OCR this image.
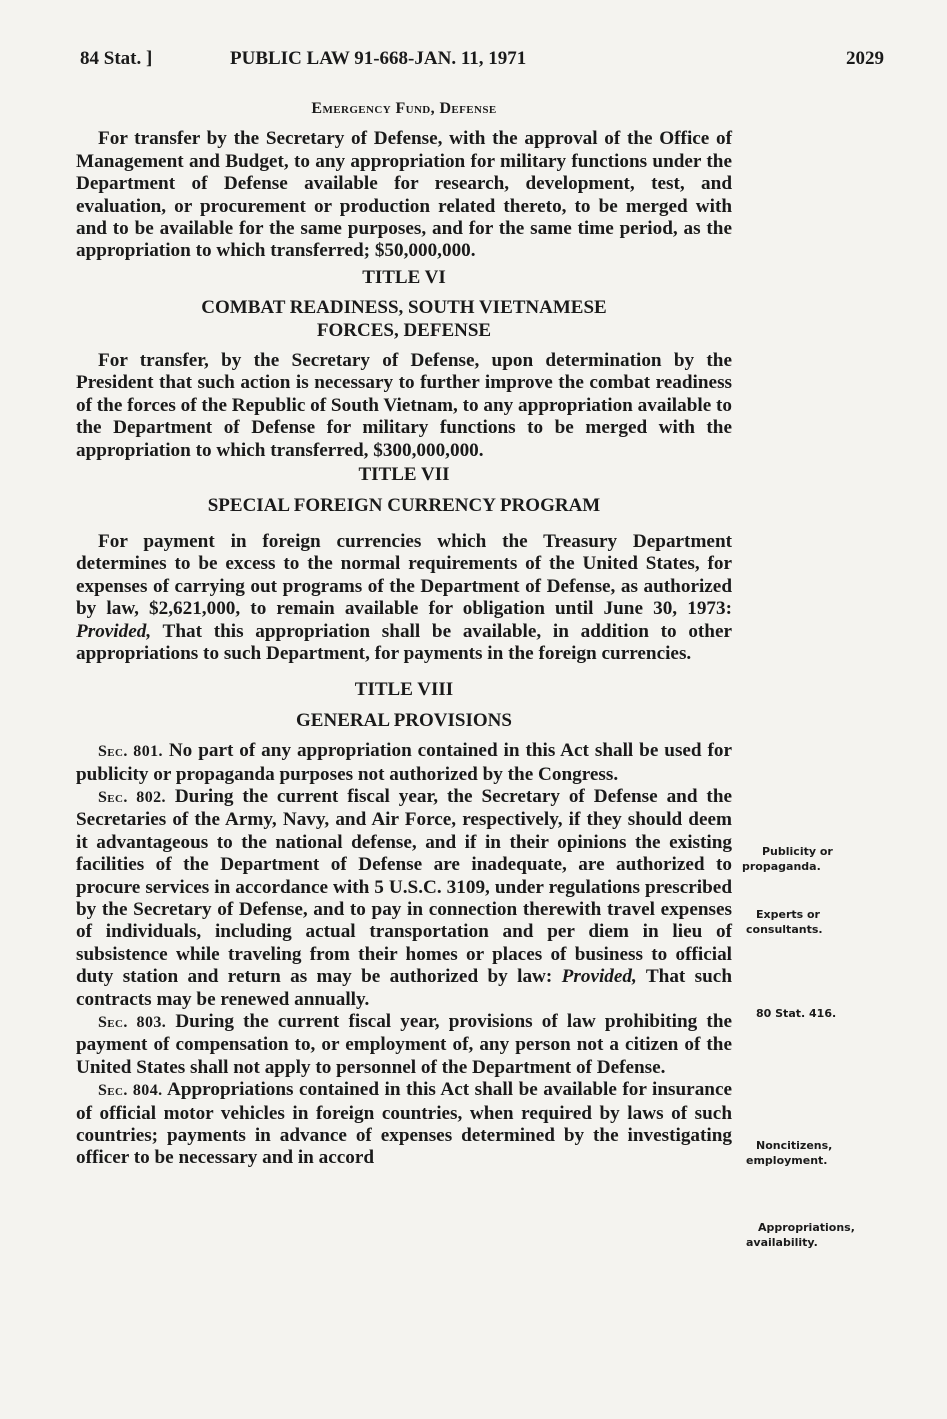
84 Stat. ]	PUBLIC LAW 91-668-JAN. 11, 1971	2029
Emergency Fund, Defense

For transfer by the Secretary of Defense, with the approval of the Office of Management and Budget, to any appropriation for military functions under the Department of Defense available for research, development, test, and evaluation, or procurement or production related thereto, to be merged with and to be available for the same purposes, and for the same time period, as the appropriation to which transferred; $50,000,000.

TITLE VI
COMBAT READINESS, SOUTH VIETNAMESE
FORCES, DEFENSE

For transfer, by the Secretary of Defense, upon determination by the President that such action is necessary to further improve the combat readiness of the forces of the Republic of South Vietnam, to any appropriation available to the Department of Defense for military functions to be merged with the appropriation to which transferred, $300,000,000.

TITLE VII
SPECIAL FOREIGN CURRENCY PROGRAM

For payment in foreign currencies which the Treasury Department determines to be excess to the normal requirements of the United States, for expenses of carrying out programs of the Department of Defense, as authorized by law, $2,621,000, to remain available for obligation until June 30, 1973: Provided, That this appropriation shall be available, in addition to other appropriations to such Department, for payments in the foreign currencies.

TITLE VIII
GENERAL PROVISIONS

Sec. 801. No part of any appropriation contained in this Act shall be used for publicity or propaganda purposes not authorized by the Congress.

Sec. 802. During the current fiscal year, the Secretary of Defense and the Secretaries of the Army, Navy, and Air Force, respectively, if they should deem it advantageous to the national defense, and if in their opinions the existing facilities of the Department of Defense are inadequate, are authorized to procure services in accordance with 5 U.S.C. 3109, under regulations prescribed by the Secretary of Defense, and to pay in connection therewith travel expenses of individuals, including actual transportation and per diem in lieu of subsistence while traveling from their homes or places of business to official duty station and return as may be authorized by law: Provided, That such contracts may be renewed annually.

Sec. 803. During the current fiscal year, provisions of law prohibiting the payment of compensation to, or employment of, any person not a citizen of the United States shall not apply to personnel of the Department of Defense.

Sec. 804. Appropriations contained in this Act shall be available for insurance of official motor vehicles in foreign countries, when required by laws of such countries; payments in advance of expenses determined by the investigating officer to be necessary and in accord

Publicity or
propaganda.
Experts or
consultants.
80 Stat. 416.
Noncitizens,
employment.
Appropriations,
availability.
